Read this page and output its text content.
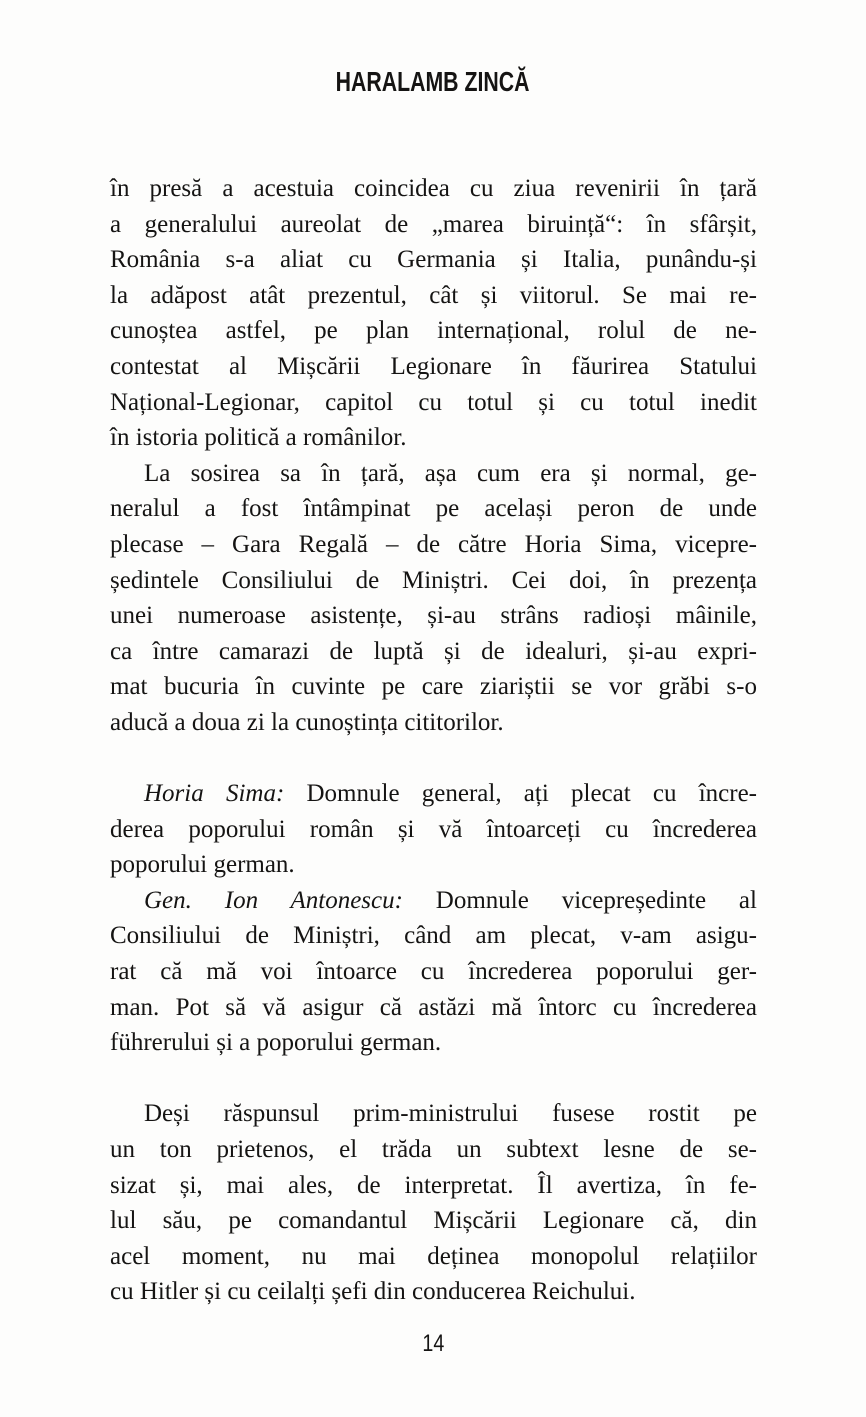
HARALAMB ZINCĂ
în presă a acestuia coincidea cu ziua revenirii în țară
a generalului aureolat de „marea biruință“: în sfârșit,
România s-a aliat cu Germania și Italia, punându-și
la adăpost atât prezentul, cât și viitorul. Se mai re-
cunoștea astfel, pe plan internațional, rolul de ne-
contestat al Mișcării Legionare în făurirea Statului
Național-Legionar, capitol cu totul și cu totul inedit
în istoria politică a românilor.
La sosirea sa în țară, așa cum era și normal, ge-
neralul a fost întâmpinat pe același peron de unde
plecase – Gara Regală – de către Horia Sima, vicepre-
ședintele Consiliului de Miniștri. Cei doi, în prezența
unei numeroase asistențe, și-au strâns radioși mâinile,
ca între camarazi de luptă și de idealuri, și-au expri-
mat bucuria în cuvinte pe care ziariștii se vor grăbi s-o
aducă a doua zi la cunoștința cititorilor.
Horia Sima: Domnule general, ați plecat cu încre-
derea poporului român și vă întoarceți cu încrederea
poporului german.
Gen. Ion Antonescu: Domnule vicepreședinte al
Consiliului de Miniștri, când am plecat, v-am asigu-
rat că mă voi întoarce cu încrederea poporului ger-
man. Pot să vă asigur că astăzi mă întorc cu încrederea
führerului și a poporului german.
Deși răspunsul prim-ministrului fusese rostit pe
un ton prietenos, el trăda un subtext lesne de se-
sizat și, mai ales, de interpretat. Îl avertiza, în fe-
lul său, pe comandantul Mișcării Legionare că, din
acel moment, nu mai deținea monopolul relațiilor
cu Hitler și cu ceilalți șefi din conducerea Reichului.
14
